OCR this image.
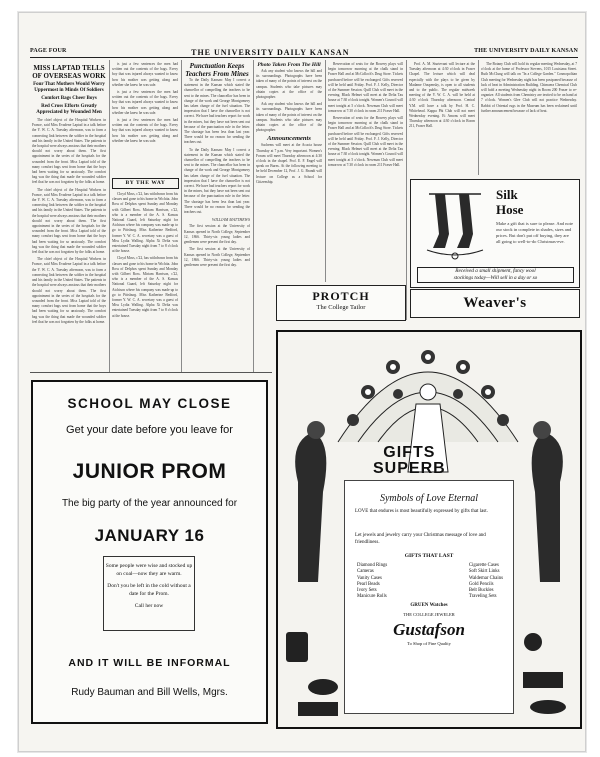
PAGE FOUR	THE UNIVERSITY DAILY KANSAN	THE UNIVERSITY DAILY KANSAN
MISS LAPTAD TELLS OF OVERSEAS WORK
Four That Mothers Would Worry Uppermost in Minds Of Soldiers
Comfort Bags Cheer Boys
Red Cross Efforts Greatly Appreciated by Wounded Men

The chief object of the Hospital Workers in France, said Miss Evadene Laptad in a talk before the Y. W. C. A. Tuesday afternoon, was to form a connecting link between the soldier in the hospital and his family in the United States. The patients in the hospital were always anxious that their mothers should not worry about them. The first appointment in the series of the hospitals for the wounded from the front. Miss Laptad told of the many comfort bags sent from home that the boys had been waiting for so anxiously. The comfort bag was the thing that made the wounded soldier feel that he was not forgotten by the folks at home.

The chief object of the Hospital Workers in France, said Miss Evadene Laptad in a talk before the Y. W. C. A. Tuesday afternoon, was to form a connecting link between the soldier in the hospital and his family in the United States. The patients in the hospital were always anxious that their mothers should not worry about them. The first appointment in the series of the hospitals for the wounded from the front. Miss Laptad told of the many comfort bags sent from home that the boys had been waiting for so anxiously. The comfort bag was the thing that made the wounded soldier feel that he was not forgotten by the folks at home.

The chief object of the Hospital Workers in France, said Miss Evadene Laptad in a talk before the Y. W. C. A. Tuesday afternoon, was to form a connecting link between the soldier in the hospital and his family in the United States. The patients in the hospital were always anxious that their mothers should not worry about them. The first appointment in the series of the hospitals for the wounded from the front. Miss Laptad told of the many comfort bags sent from home that the boys had been waiting for so anxiously. The comfort bag was the thing that made the wounded soldier feel that he was not forgotten by the folks at home.

is just a few sentences the men had written out the contents of the bags. Every boy that was injured always wanted to know how his mother was getting along and whether she knew he was safe.

is just a few sentences the men had written out the contents of the bags. Every boy that was injured always wanted to know how his mother was getting along and whether she knew he was safe.

is just a few sentences the men had written out the contents of the bags. Every boy that was injured always wanted to know how his mother was getting along and whether she knew he was safe.

BY THE WAY

Cloyd Moss, c'22, has withdrawn from his classes and gone to his home in Wichita. John Ross of Delphos spent Sunday and Monday with Gilbert Ross. Miriam Harrison, c'22, who is a member of the A. S. Kansas National Guard, left Saturday night for Atchison where his company was made up to go to Pittsburg. Miss Katherine Bedford, former Y. W. C. A. secretary was a guest of Miss Lydia Walling. Alpha Xi Delta was entertained Tuesday night from 7 to 8 o'clock at the house.

Cloyd Moss, c'22, has withdrawn from his classes and gone to his home in Wichita. John Ross of Delphos spent Sunday and Monday with Gilbert Ross. Miriam Harrison, c'22, who is a member of the A. S. Kansas National Guard, left Saturday night for Atchison where his company was made up to go to Pittsburg. Miss Katherine Bedford, former Y. W. C. A. secretary was a guest of Miss Lydia Walling. Alpha Xi Delta was entertained Tuesday night from 7 to 8 o'clock at the house.

Punctuation Keeps Teachers From Mines

To the Daily Kansan: May I correct a statement in the Kansan which stated the chancellor of compelling the teachers to be sent to the mines. The chancellor has been in charge of the work and George Montgomery has taken charge of the fuel situation. The impression that I have the chancellor is not correct. We have had teachers report for work in the mines, but they have not been sent out because of the punctuation rule in the letter. The shortage has been less than last year. There would be no reason for sending the teachers out.

To the Daily Kansan: May I correct a statement in the Kansan which stated the chancellor of compelling the teachers to be sent to the mines. The chancellor has been in charge of the work and George Montgomery has taken charge of the fuel situation. The impression that I have the chancellor is not correct. We have had teachers report for work in the mines, but they have not been sent out because of the punctuation rule in the letter. The shortage has been less than last year. There would be no reason for sending the teachers out.

WILLIAM MATTHEWS

The first session at the University of Kansas opened in North College, September 12, 1866. Thirty-six young ladies and gentlemen were present the first day.

The first session at the University of Kansas opened in North College, September 12, 1866. Thirty-six young ladies and gentlemen were present the first day.

Photo Taken From The Hill

Ask any student who knows the hill and its surroundings. Photographs have been taken of many of the points of interest on the campus. Students who take pictures may obtain copies at the office of the photographer.

Ask any student who knows the hill and its surroundings. Photographs have been taken of many of the points of interest on the campus. Students who take pictures may obtain copies at the office of the photographer.

Announcements

Sachems will meet at the Acacia house Thursday at 7 p.m. Very important. Women's Forum will meet Thursday afternoon at 4:30 o'clock in the chapel. Prof. E. F. Engel will speak on Burns. At the following meeting to be held December 12, Prof. J. G. Brandt will lecture on College as a School for Citizenship.

Reservation of seats for the Bowery plays will begin tomorrow morning at the chalk stand in Fraser Hall and at McColloch's Drug Store. Tickets purchased before will be exchanged. Gifts reserved will be held until Friday. Prof. F. J. Kelly, Director of the Summer Session. Quill Club will meet in the evening. Black Helmet will meet at the Delta Tau house at 7:30 o'clock tonight. Women's Council will meet tonight at 5 o'clock. Newman Club will meet tomorrow at 7:30 o'clock in room 211 Fraser Hall.

Reservation of seats for the Bowery plays will begin tomorrow morning at the chalk stand in Fraser Hall and at McColloch's Drug Store. Tickets purchased before will be exchanged. Gifts reserved will be held until Friday. Prof. F. J. Kelly, Director of the Summer Session. Quill Club will meet in the evening. Black Helmet will meet at the Delta Tau house at 7:30 o'clock tonight. Women's Council will meet tonight at 5 o'clock. Newman Club will meet tomorrow at 7:30 o'clock in room 211 Fraser Hall.

Prof. A. M. Sturtevant will lecture at the Tuesday afternoon at 4:30 o'clock in Fraser Chapel. The lecture which will deal especially with the plays to be given by Madame Ouspensky, is open to all students and to the public. The regular midweek meeting of the Y. W. C. A. will be held at 4:30 o'clock Thursday afternoon. Central Y.M. will have a talk by Prof. H. C. Whitehead. Kappa Phi Club will not meet Wednesday evening. Et Amons will meet Thursday afternoon at 4:30 o'clock in Room 211, Fraser Hall.

The Botany Club will hold its regular meeting Wednesday, at 7 o'clock at the home of Professor Stevens, 1015 Louisiana Street. Ruth McClung will talk on "In a College Garden." Cosmopolitan Club meeting for Wednesday night has been postponed because of lack of heat in Administration Building. Chimaera Chemical Club will hold a meeting Wednesday night in Room 200 Fraser to re-organize. All students from Chemistry are invited to be on hand at 7 o'clock. Women's Glee Club will not practice Wednesday. Rabbit of Oriental rugs in the Museum has been reclaimed until further announcement because of lack of heat.

SCHOOL MAY CLOSE
Get your date before you leave for
JUNIOR PROM
The big party of the year announced for
JANUARY 16
Some people were wise and stocked up on coal—now they are warm.
Don't you be left in the cold without a date for the Prom.
Call her now
AND IT WILL BE INFORMAL
Rudy Bauman and Bill Wells, Mgrs.
Silk
Hose
Make a gift that is sure to please. And note our stock in complete in shades, sizes and prices. But don't put off buying, they are all going to well-to-do Christmas-eve.
Received a small shipment, fancy wool
stockings today—Will sell in a day or so
PROTCH
The College Tailor	Weaver's
GIFTS
SUPERB
Symbols of Love Eternal
LOVE that endures is most beautifully expressed by gifts that last.
Let jewels and jewelry carry your Christmas message of love and friendliness.
GIFTS THAT LAST
Diamond Rings
Cameras
Vanity Cases
Pearl Beads
Ivory Sets
Manicure Rolls
Cigarette Cases
Soft Skirt Links
Waldemar Chains
Gold Pencils
Belt Buckles
Traveling Sets
GRUEN Watches
THE COLLEGE JEWELER
Gustafson
To Shop of Fine Quality
